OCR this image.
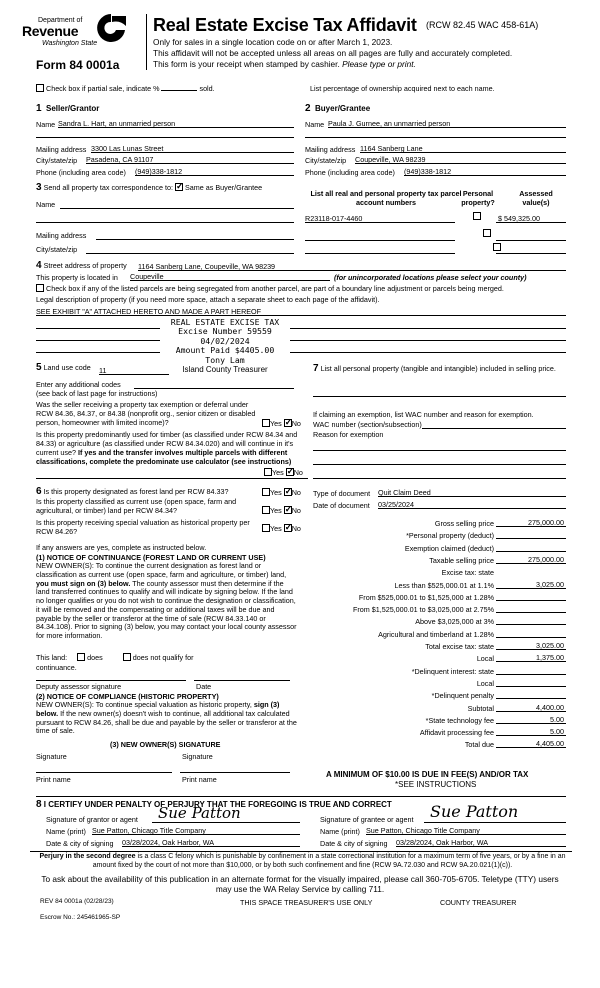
Department of
Revenue
Washington State
Form 84 0001a
Real Estate Excise Tax Affidavit (RCW 82.45 WAC 458-61A)
Only for sales in a single location code on or after March 1, 2023.
This affidavit will not be accepted unless all areas on all pages are fully and accurately completed.
This form is your receipt when stamped by cashier. Please type or print.
Check box if partial sale, indicate %	sold.	List percentage of ownership acquired next to each name.
1 Seller/Grantor
Name Sandra L. Hart, an unmarried person
Mailing address 3300 Las Lunas Street
City/state/zip Pasadena, CA 91107
Phone (including area code) (949)338-1812
2 Buyer/Grantee
Name Paula J. Gurnee, an unmarried person
Mailing address 1164 Sanberg Lane
City/state/zip Coupeville, WA 98239
Phone (including area code) (949)338-1812
3 Send all property tax correspondence to: ✓ Same as Buyer/Grantee
Name
Mailing address
City/state/zip
List all real and personal property tax parcel account numbers
Personal property?
Assessed value(s)
R23118-017-4460
	$ 549,325.00

4 Street address of property 1164 Sanberg Lane, Coupeville, WA 98239
This property is located in Coupeville	(for unincorporated locations please select your county)
Check box if any of the listed parcels are being segregated from another parcel, are part of a boundary line adjustment or parcels being merged.
Legal description of property (if you need more space, attach a separate sheet to each page of the affidavit).
SEE EXHIBIT "A" ATTACHED HERETO AND MADE A PART HEREOF
REAL ESTATE EXCISE TAX
Excise Number 59559
04/02/2024
Amount Paid $4405.00
Tony Lam
Island County Treasurer
5 Land use code 11
Enter any additional codes
(see back of last page for instructions)
Was the seller receiving a property tax exemption or deferral under RCW 84.36, 84.37, or 84.38 (nonprofit org., senior citizen or disabled person, homeowner with limited income)?	Yes ✓ No
Is this property predominantly used for timber (as classified under RCW 84.34 and 84.33) or agriculture (as classified under RCW 84.34.020) and will continue in it's current use? If yes and the transfer involves multiple parcels with different classifications, complete the predominate use calculator (see instructions)
Yes ✓ No
7 List all personal property (tangible and intangible) included in selling price.
If claiming an exemption, list WAC number and reason for exemption.
WAC number (section/subsection)
Reason for exemption
6 Is this property designated as forest land per RCW 84.33?	Yes ✓ No
Is this property classified as current use (open space, farm and agricultural, or timber) land per RCW 84.34?	Yes ✓ No
Is this property receiving special valuation as historical property per RCW 84.26?	Yes ✓ No
If any answers are yes, complete as instructed below.
(1) NOTICE OF CONTINUANCE (FOREST LAND OR CURRENT USE)
NEW OWNER(S): To continue the current designation as forest land or classification as current use (open space, farm and agriculture, or timber) land, you must sign on (3) below. The county assessor must then determine if the land transferred continues to qualify and will indicate by signing below. If the land no longer qualifies or you do not wish to continue the designation or classification, it will be removed and the compensating or additional taxes will be due and payable by the seller or transferor at the time of sale (RCW 84.33.140 or 84.34.108). Prior to signing (3) below, you may contact your local county assessor for more information.
This land:	does	does not qualify for
continuance.
Deputy assessor signature	Date
(2) NOTICE OF COMPLIANCE (HISTORIC PROPERTY)
NEW OWNER(S): To continue special valuation as historic property, sign (3) below. If the new owner(s) doesn't wish to continue, all additional tax calculated pursuant to RCW 84.26, shall be due and payable by the seller or transferor at the time of sale.
(3) NEW OWNER(S) SIGNATURE
Signature	Signature
Print name	Print name
Type of document Quit Claim Deed
Date of document 03/25/2024
Gross selling price	275,000.00
*Personal property (deduct)
Exemption claimed (deduct)
Taxable selling price	275,000.00
Excise tax: state
Less than $525,000.01 at 1.1%	3,025.00
From $525,000.01 to $1,525,000 at 1.28%
From $1,525,000.01 to $3,025,000 at 2.75%
Above $3,025,000 at 3%
Agricultural and timberland at 1.28%
Total excise tax: state	3,025.00
Local	1,375.00
*Delinquent interest: state
Local
*Delinquent penalty
Subtotal	4,400.00
*State technology fee	5.00
Affidavit processing fee	5.00
Total due	4,405.00
A MINIMUM OF $10.00 IS DUE IN FEE(S) AND/OR TAX
*SEE INSTRUCTIONS
8 I CERTIFY UNDER PENALTY OF PERJURY THAT THE FOREGOING IS TRUE AND CORRECT
Signature of grantor or agent Sue Patton	Signature of grantee or agent Sue Patton
Name (print) Sue Patton, Chicago Title Company	Name (print) Sue Patton, Chicago Title Company
Date & city of signing 03/28/2024, Oak Harbor, WA	Date & city of signing 03/28/2024, Oak Harbor, WA
Perjury in the second degree is a class C felony which is punishable by confinement in a state correctional institution for a maximum term of five years, or by a fine in an amount fixed by the court of not more than $10,000, or by both such confinement and fine (RCW 9A.72.030 and RCW 9A.20.021(1)(c)).
To ask about the availability of this publication in an alternate format for the visually impaired, please call 360-705-6705. Teletype (TTY) users may use the WA Relay Service by calling 711.
REV 84 0001a (02/28/23)	THIS SPACE TREASURER'S USE ONLY	COUNTY TREASURER
Escrow No.: 245461965-SP
